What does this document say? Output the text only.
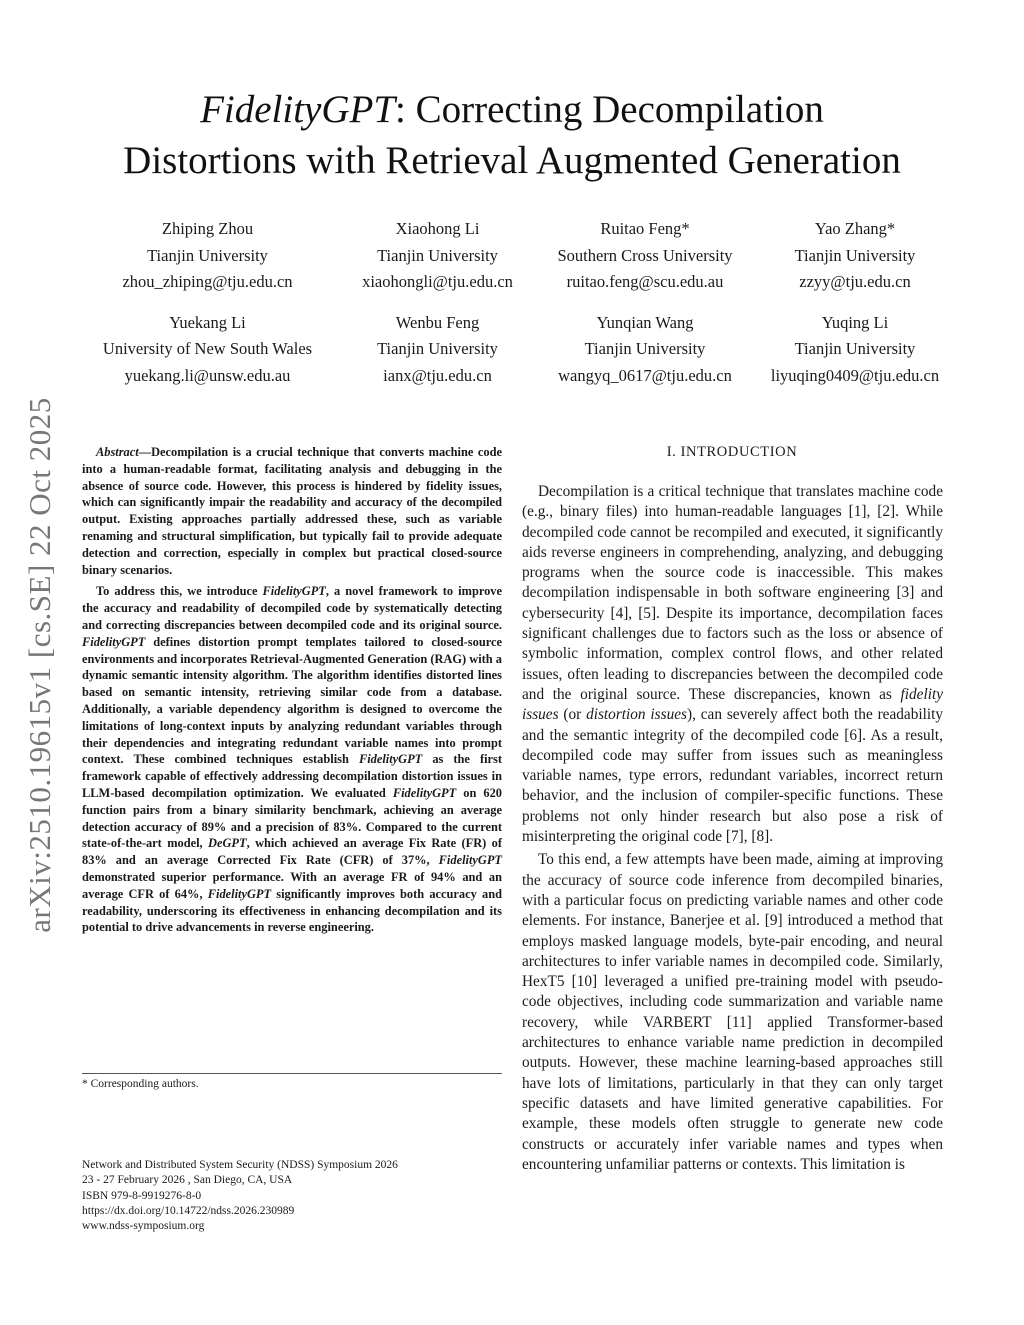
arXiv:2510.19615v1 [cs.SE] 22 Oct 2025
FidelityGPT: Correcting Decompilation
Distortions with Retrieval Augmented Generation
Zhiping Zhou
Tianjin University
zhou_zhiping@tju.edu.cn
Xiaohong Li
Tianjin University
xiaohongli@tju.edu.cn
Ruitao Feng*
Southern Cross University
ruitao.feng@scu.edu.au
Yao Zhang*
Tianjin University
zzyy@tju.edu.cn
Yuekang Li
University of New South Wales
yuekang.li@unsw.edu.au
Wenbu Feng
Tianjin University
ianx@tju.edu.cn
Yunqian Wang
Tianjin University
wangyq_0617@tju.edu.cn
Yuqing Li
Tianjin University
liyuqing0409@tju.edu.cn

Abstract—Decompilation is a crucial technique that converts machine code into a human-readable format, facilitating analysis and debugging in the absence of source code. However, this process is hindered by fidelity issues, which can significantly impair the readability and accuracy of the decompiled output. Existing approaches partially addressed these, such as variable renaming and structural simplification, but typically fail to provide adequate detection and correction, especially in complex but practical closed-source binary scenarios.

To address this, we introduce FidelityGPT, a novel framework to improve the accuracy and readability of decompiled code by systematically detecting and correcting discrepancies between decompiled code and its original source. FidelityGPT defines distortion prompt templates tailored to closed-source environments and incorporates Retrieval-Augmented Generation (RAG) with a dynamic semantic intensity algorithm. The algorithm identifies distorted lines based on semantic intensity, retrieving similar code from a database. Additionally, a variable dependency algorithm is designed to overcome the limitations of long-context inputs by analyzing redundant variables through their dependencies and integrating redundant variable names into prompt context. These combined techniques establish FidelityGPT as the first framework capable of effectively addressing decompilation distortion issues in LLM-based decompilation optimization. We evaluated FidelityGPT on 620 function pairs from a binary similarity benchmark, achieving an average detection accuracy of 89% and a precision of 83%. Compared to the current state-of-the-art model, DeGPT, which achieved an average Fix Rate (FR) of 83% and an average Corrected Fix Rate (CFR) of 37%, FidelityGPT demonstrated superior performance. With an average FR of 94% and an average CFR of 64%, FidelityGPT significantly improves both accuracy and readability, underscoring its effectiveness in enhancing decompilation and its potential to drive advancements in reverse engineering.

* Corresponding authors.
Network and Distributed System Security (NDSS) Symposium 2026
23 - 27 February 2026 , San Diego, CA, USA
ISBN 979-8-9919276-8-0
https://dx.doi.org/10.14722/ndss.2026.230989
www.ndss-symposium.org
I. INTRODUCTION

Decompilation is a critical technique that translates machine code (e.g., binary files) into human-readable languages [1], [2]. While decompiled code cannot be recompiled and executed, it significantly aids reverse engineers in comprehending, analyzing, and debugging programs when the source code is inaccessible. This makes decompilation indispensable in both software engineering [3] and cybersecurity [4], [5]. Despite its importance, decompilation faces significant challenges due to factors such as the loss or absence of symbolic information, complex control flows, and other related issues, often leading to discrepancies between the decompiled code and the original source. These discrepancies, known as fidelity issues (or distortion issues), can severely affect both the readability and the semantic integrity of the decompiled code [6]. As a result, decompiled code may suffer from issues such as meaningless variable names, type errors, redundant variables, incorrect return behavior, and the inclusion of compiler-specific functions. These problems not only hinder research but also pose a risk of misinterpreting the original code [7], [8].

To this end, a few attempts have been made, aiming at improving the accuracy of source code inference from decompiled binaries, with a particular focus on predicting variable names and other code elements. For instance, Banerjee et al. [9] introduced a method that employs masked language models, byte-pair encoding, and neural architectures to infer variable names in decompiled code. Similarly, HexT5 [10] leveraged a unified pre-training model with pseudo-code objectives, including code summarization and variable name recovery, while VARBERT [11] applied Transformer-based architectures to enhance variable name prediction in decompiled outputs. However, these machine learning-based approaches still have lots of limitations, particularly in that they can only target specific datasets and have limited generative capabilities. For example, these models often struggle to generate new code constructs or accurately infer variable names and types when encountering unfamiliar patterns or contexts. This limitation is
